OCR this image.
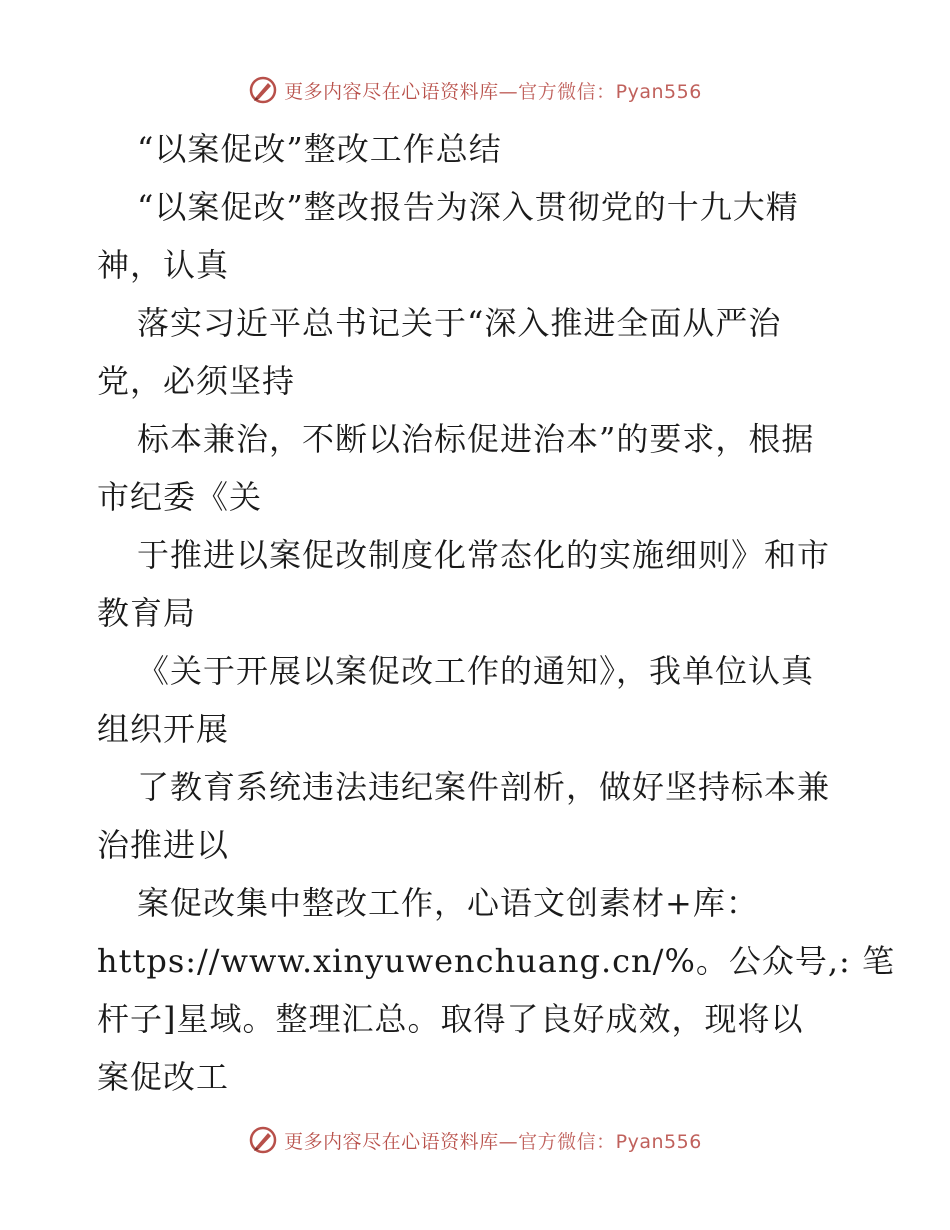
更多内容尽在心语资料库 —官方微信：Pyan556
“以案促改”整改工作总结
“以案促改”整改报告为深入贯彻党的十九大精
神，认真
落实习近平总书记关于“深入推进全面从严治
党，必须坚持
标本兼治，不断以治标促进治本”的要求，根据
市纪委《关
于推进以案促改制度化常态化的实施细则》和市
教育局
《关于开展以案促改工作的通知》，我单位认真
组织开展
了教育系统违法违纪案件剖析，做好坚持标本兼
治推进以
案促改集中整改工作，心语文创素材+库：
https://www.xinyuwenchuang.cn/%。公众号,: 笔
杆子]星域。整理汇总。取得了良好成效，现将以
案促改工
更多内容尽在心语资料库 —官方微信：Pyan556
